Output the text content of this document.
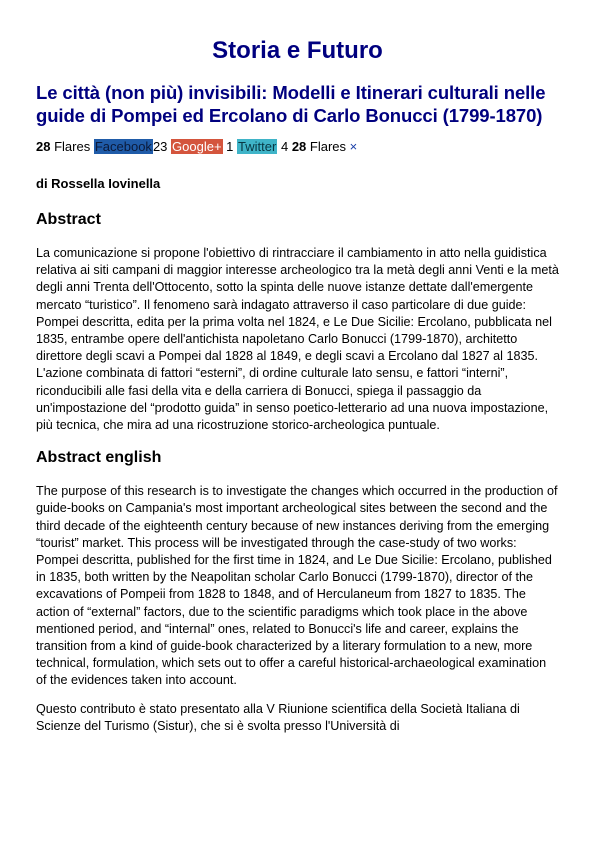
Storia e Futuro
Le città (non più) invisibili: Modelli e Itinerari culturali nelle guide di Pompei ed Ercolano di Carlo Bonucci (1799-1870)
28 Flares Facebook23 Google+ 1 Twitter 4 28 Flares ×
di Rossella Iovinella
Abstract

La comunicazione si propone l'obiettivo di rintracciare il cambiamento in atto nella guidistica relativa ai siti campani di maggior interesse archeologico tra la metà degli anni Venti e la metà degli anni Trenta dell'Ottocento, sotto la spinta delle nuove istanze dettate dall'emergente mercato “turistico”. Il fenomeno sarà indagato attraverso il caso particolare di due guide: Pompei descritta, edita per la prima volta nel 1824, e Le Due Sicilie: Ercolano, pubblicata nel 1835, entrambe opere dell'antichista napoletano Carlo Bonucci (1799-1870), architetto direttore degli scavi a Pompei dal 1828 al 1849, e degli scavi a Ercolano dal 1827 al 1835. L'azione combinata di fattori “esterni”, di ordine culturale lato sensu, e fattori “interni”, riconducibili alle fasi della vita e della carriera di Bonucci, spiega il passaggio da un'impostazione del “prodotto guida” in senso poetico-letterario ad una nuova impostazione, più tecnica, che mira ad una ricostruzione storico-archeologica puntuale.

Abstract english

The purpose of this research is to investigate the changes which occurred in the production of guide-books on Campania's most important archeological sites between the second and the third decade of the eighteenth century because of new instances deriving from the emerging “tourist” market. This process will be investigated through the case-study of two works: Pompei descritta, published for the first time in 1824, and Le Due Sicilie: Ercolano, published in 1835, both written by the Neapolitan scholar Carlo Bonucci (1799-1870), director of the excavations of Pompeii from 1828 to 1848, and of Herculaneum from 1827 to 1835. The action of “external” factors, due to the scientific paradigms which took place in the above mentioned period, and “internal” ones, related to Bonucci's life and career, explains the transition from a kind of guide-book characterized by a literary formulation to a new, more technical, formulation, which sets out to offer a careful historical-archaeological examination of the evidences taken into account.

Questo contributo è stato presentato alla V Riunione scientifica della Società Italiana di Scienze del Turismo (Sistur), che si è svolta presso l'Università di
